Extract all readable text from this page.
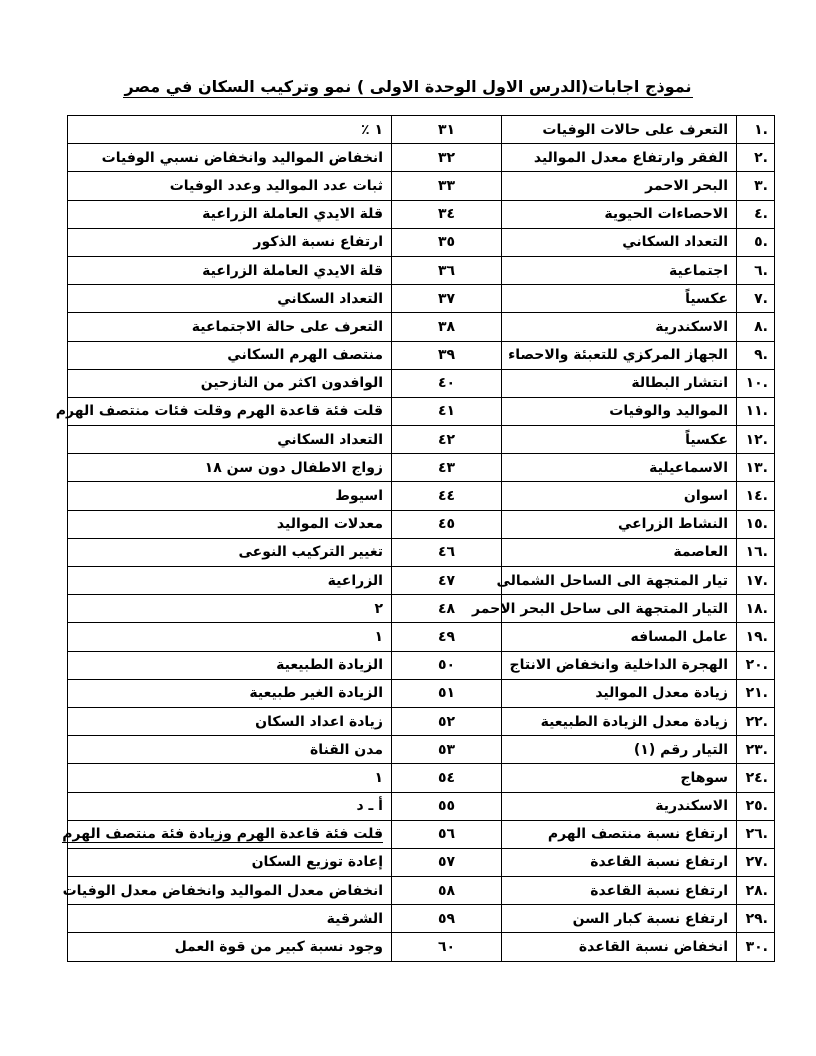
نموذج اجابات(الدرس الاول الوحدة الاولى ) نمو وتركيب السكان في مصر
.١	التعرف على حالات الوفيات	٣١	١ ٪
.٢	الفقر وارتفاع معدل المواليد	٣٢	انخفاض المواليد وانخفاض نسبي الوفيات
.٣	البحر الاحمر	٣٣	ثبات عدد المواليد وعدد الوفيات
.٤	الاحصاءات الحيوية	٣٤	قلة الايدي العاملة الزراعية
.٥	التعداد السكاني	٣٥	ارتفاع نسبة الذكور
.٦	اجتماعية	٣٦	قلة الايدي العاملة الزراعية
.٧	عكسياً	٣٧	التعداد السكاني
.٨	الاسكندرية	٣٨	التعرف على حالة الاجتماعية
.٩	الجهاز المركزي للتعبئة والاحصاء	٣٩	منتصف الهرم السكاني
.١٠	انتشار البطالة	٤٠	الوافدون اكثر من النازحين
.١١	المواليد والوفيات	٤١	قلت فئة قاعدة الهرم وقلت فئات منتصف الهرم
.١٢	عكسياً	٤٢	التعداد السكاني
.١٣	الاسماعيلية	٤٣	زواج الاطفال دون سن ١٨
.١٤	اسوان	٤٤	اسيوط
.١٥	النشاط الزراعي	٤٥	معدلات المواليد
.١٦	العاصمة	٤٦	تغيير التركيب النوعى
.١٧	تيار المتجهة الى الساحل الشمالى	٤٧	الزراعية
.١٨	التيار المتجهة الى ساحل البحر الاحمر	٤٨	٢
.١٩	عامل المسافه	٤٩	١
.٢٠	الهجرة الداخلية وانخفاض الانتاج	٥٠	الزيادة الطبيعية
.٢١	زيادة معدل المواليد	٥١	الزيادة الغير طبيعية
.٢٢	زيادة معدل الزيادة الطبيعية	٥٢	زيادة اعداد السكان
.٢٣	التيار رقم (١)	٥٣	مدن القناة
.٢٤	سوهاج	٥٤	١
.٢٥	الاسكندرية	٥٥	أ ـ د
.٢٦	ارتفاع نسبة منتصف الهرم	٥٦	قلت فئة قاعدة الهرم وزيادة فئة منتصف الهرم
.٢٧	ارتفاع نسبة القاعدة	٥٧	إعادة توزيع السكان
.٢٨	ارتفاع نسبة القاعدة	٥٨	انخفاض معدل المواليد وانخفاض معدل الوفيات
.٢٩	ارتفاع نسبة كبار السن	٥٩	الشرقية
.٣٠	انخفاض نسبة القاعدة	٦٠	وجود نسبة كبير من قوة العمل
